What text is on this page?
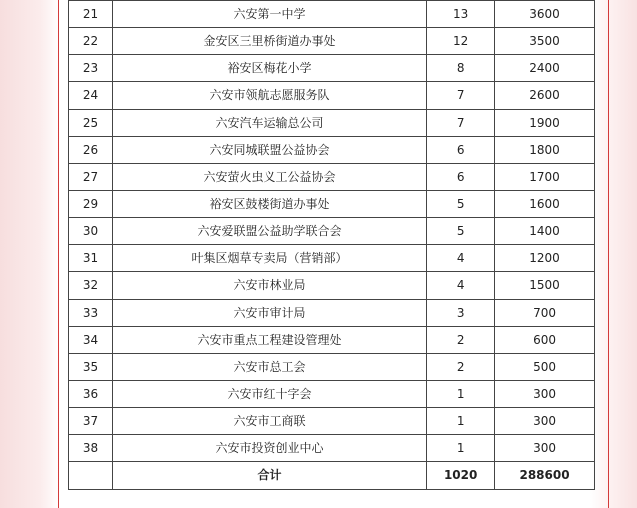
21	六安第一中学	13	3600
22	金安区三里桥街道办事处	12	3500
23	裕安区梅花小学	8	2400
24	六安市领航志愿服务队	7	2600
25	六安汽车运输总公司	7	1900
26	六安同城联盟公益协会	6	1800
27	六安萤火虫义工公益协会	6	1700
29	裕安区鼓楼街道办事处	5	1600
30	六安爱联盟公益助学联合会	5	1400
31	叶集区烟草专卖局（营销部）	4	1200
32	六安市林业局	4	1500
33	六安市审计局	3	700
34	六安市重点工程建设管理处	2	600
35	六安市总工会	2	500
36	六安市红十字会	1	300
37	六安市工商联	1	300
38	六安市投资创业中心	1	300
	合计	1020	288600
